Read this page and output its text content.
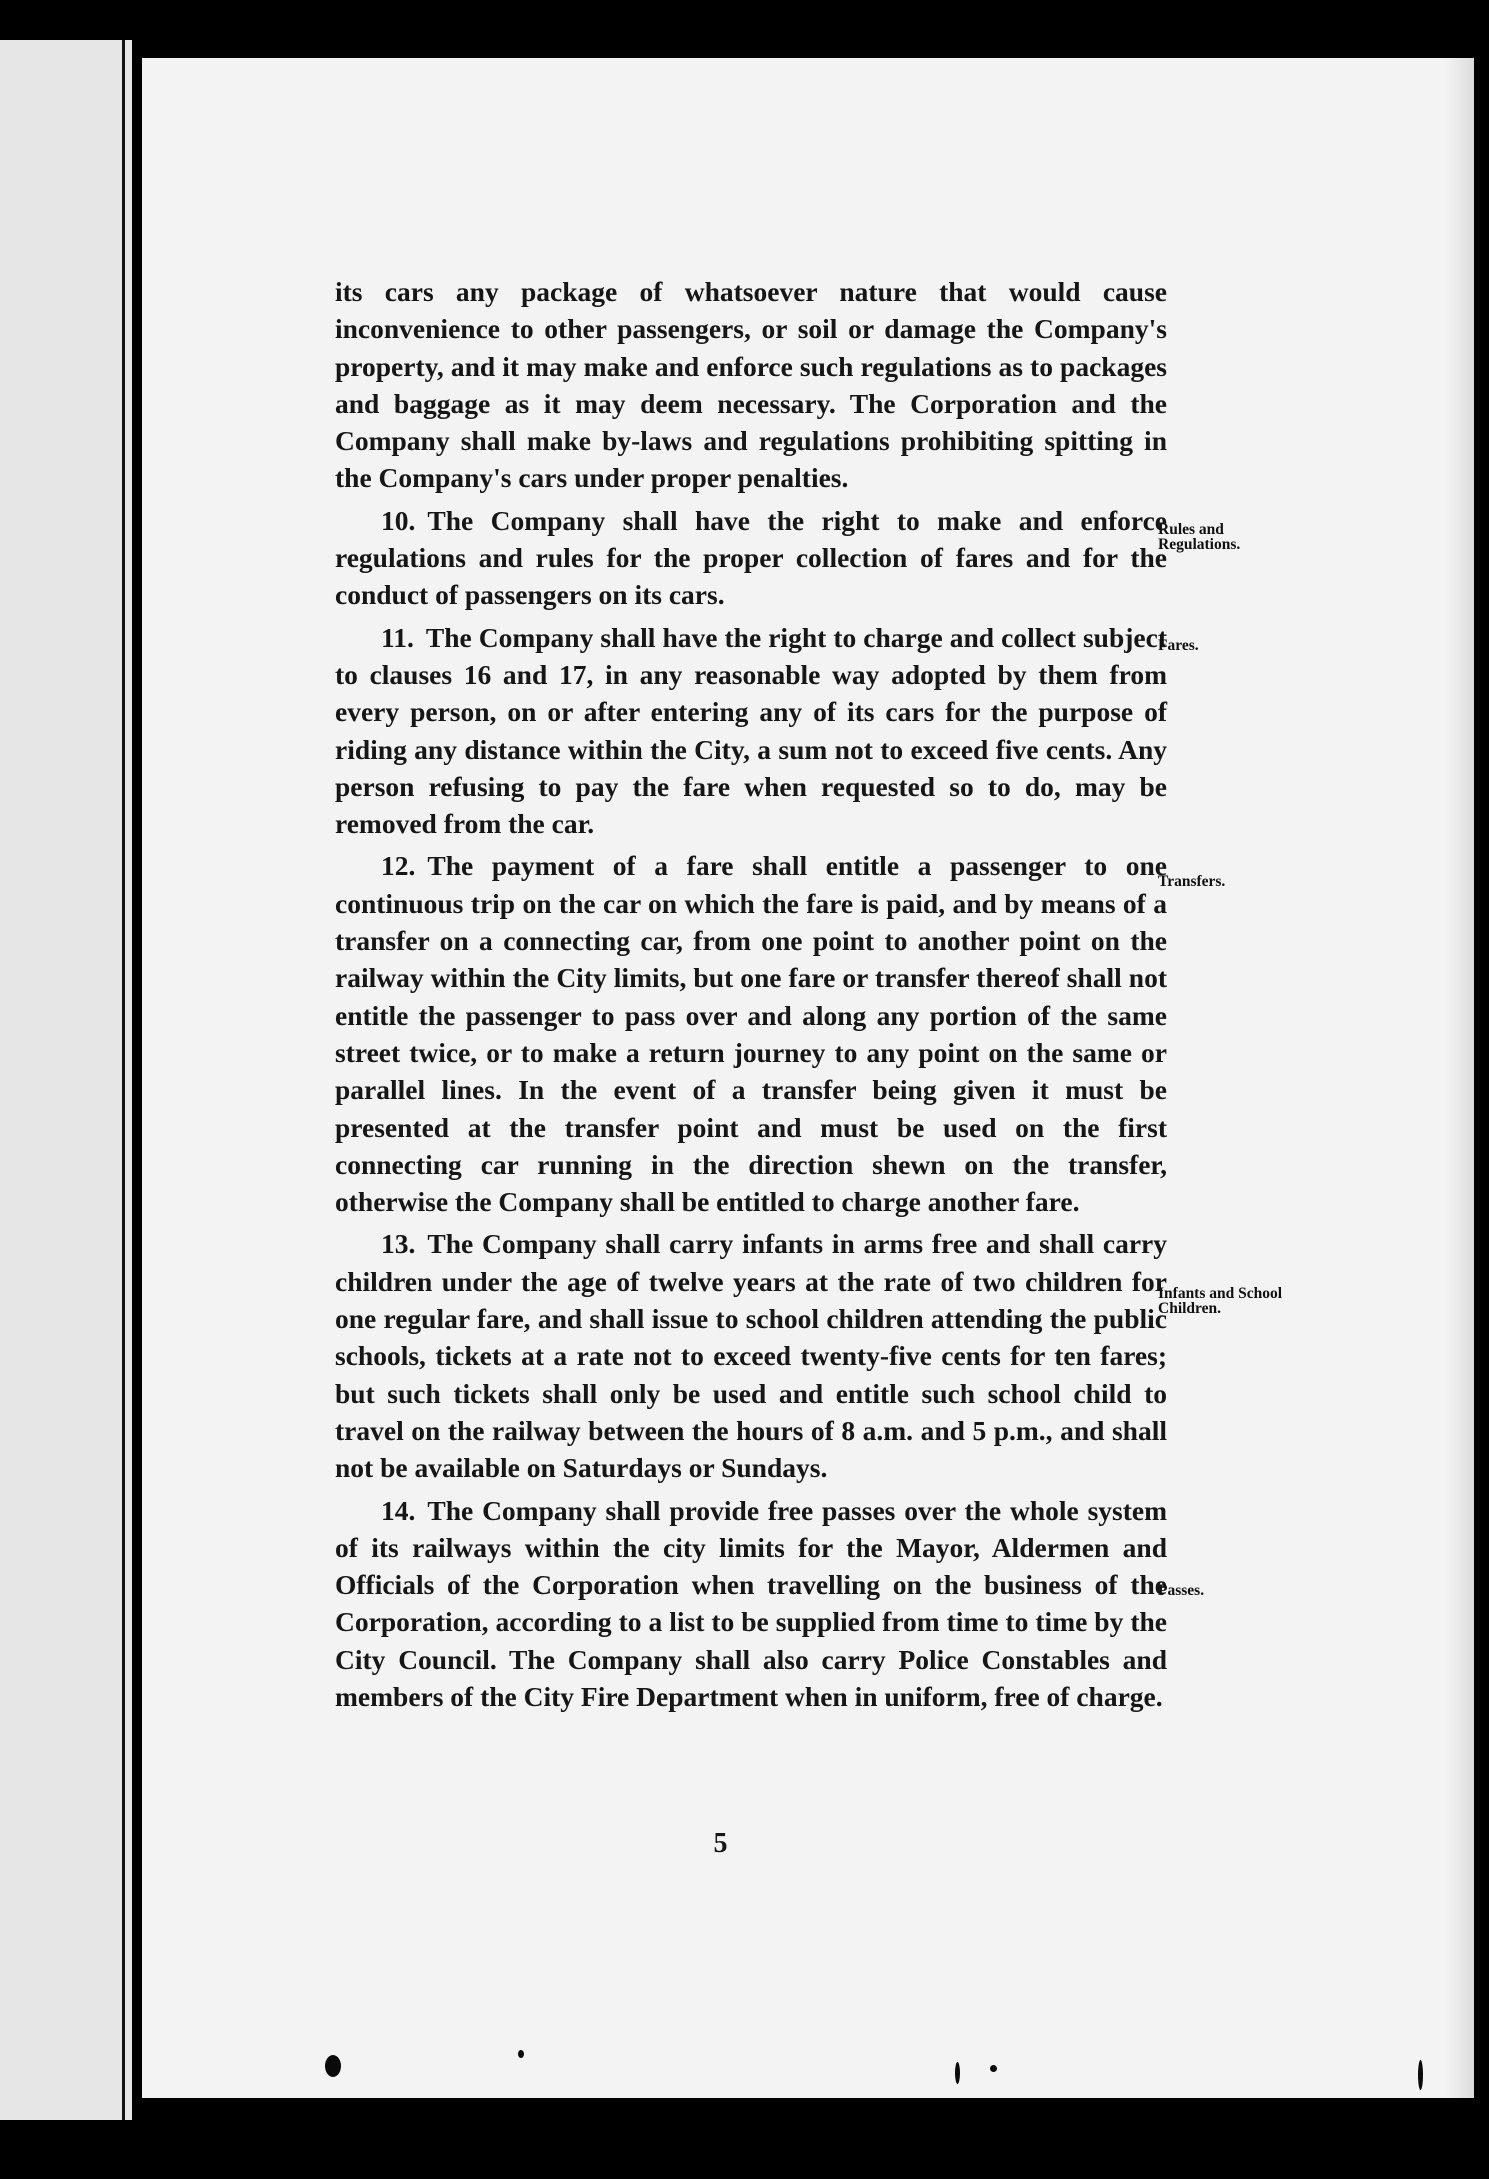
its cars any package of whatsoever nature that would cause inconvenience to other passengers, or soil or damage the Company's property, and it may make and enforce such regulations as to packages and baggage as it may deem necessary. The Corporation and the Company shall make by-laws and regulations prohibiting spitting in the Company's cars under proper penalties.

10. The Company shall have the right to make and enforce regulations and rules for the proper collection of fares and for the conduct of passengers on its cars.

11. The Company shall have the right to charge and collect subject to clauses 16 and 17, in any reasonable way adopted by them from every person, on or after entering any of its cars for the purpose of riding any distance within the City, a sum not to exceed five cents. Any person refusing to pay the fare when requested so to do, may be removed from the car.

12. The payment of a fare shall entitle a passenger to one continuous trip on the car on which the fare is paid, and by means of a transfer on a connecting car, from one point to another point on the railway within the City limits, but one fare or transfer thereof shall not entitle the passenger to pass over and along any portion of the same street twice, or to make a return journey to any point on the same or parallel lines. In the event of a transfer being given it must be presented at the transfer point and must be used on the first connecting car running in the direction shewn on the transfer, otherwise the Company shall be entitled to charge another fare.

13. The Company shall carry infants in arms free and shall carry children under the age of twelve years at the rate of two children for one regular fare, and shall issue to school children attending the public schools, tickets at a rate not to exceed twenty-five cents for ten fares; but such tickets shall only be used and entitle such school child to travel on the railway between the hours of 8 a.m. and 5 p.m., and shall not be available on Saturdays or Sundays.

14. The Company shall provide free passes over the whole system of its railways within the city limits for the Mayor, Aldermen and Officials of the Corporation when travelling on the business of the Corporation, according to a list to be supplied from time to time by the City Council. The Company shall also carry Police Constables and members of the City Fire Department when in uniform, free of charge.

Rules and Regulations.
Fares.
Transfers.
Infants and School Children.
Passes.
5
